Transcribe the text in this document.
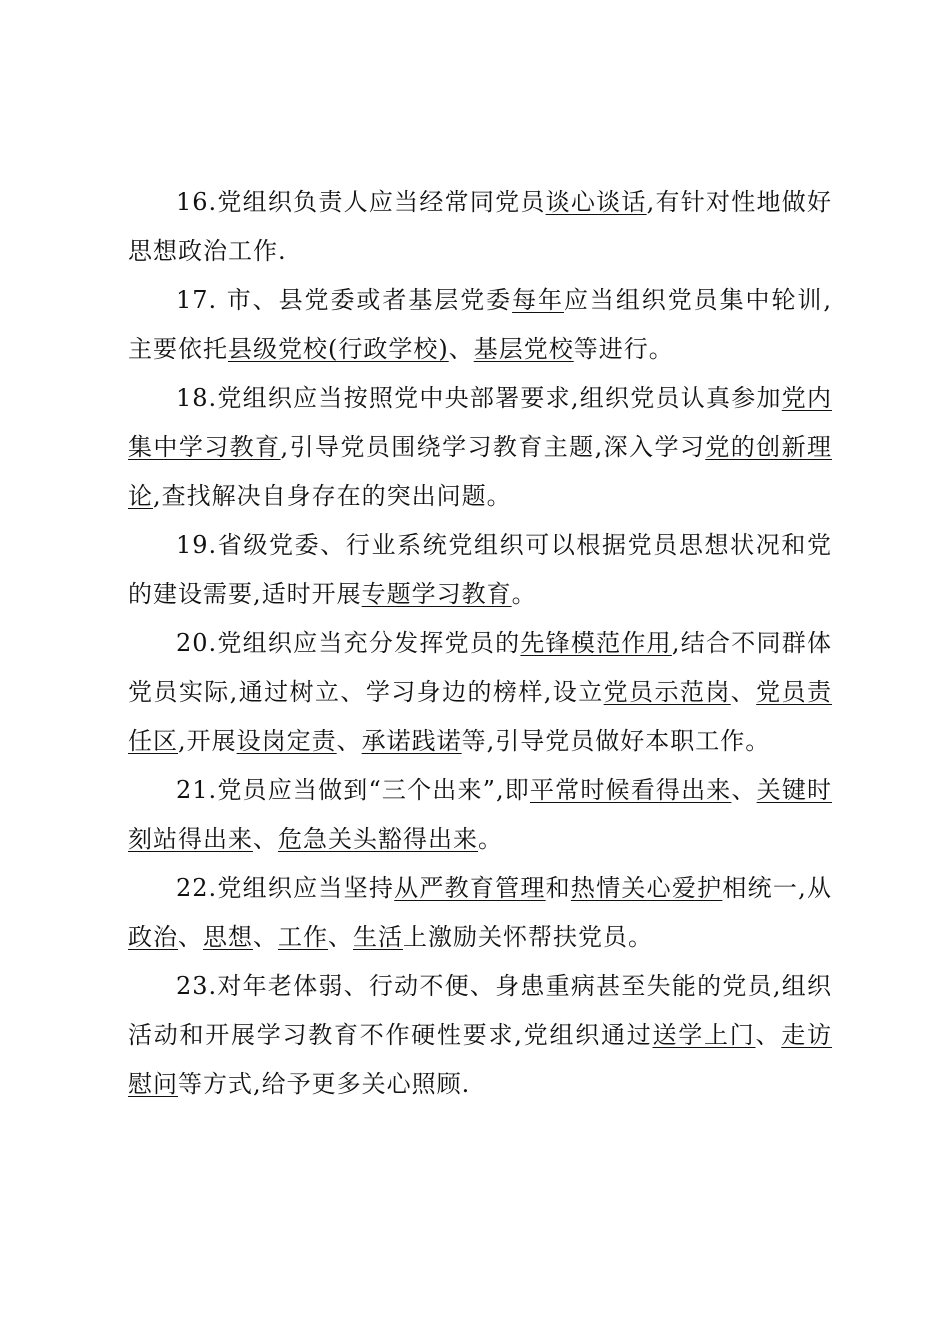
16.党组织负责人应当经常同党员谈心谈话,有针对性地做好思想政治工作.

17. 市、县党委或者基层党委每年应当组织党员集中轮训,主要依托县级党校(行政学校)、基层党校等进行。

18.党组织应当按照党中央部署要求,组织党员认真参加党内集中学习教育,引导党员围绕学习教育主题,深入学习党的创新理论,查找解决自身存在的突出问题。

19.省级党委、行业系统党组织可以根据党员思想状况和党的建设需要,适时开展专题学习教育。

20.党组织应当充分发挥党员的先锋模范作用,结合不同群体党员实际,通过树立、学习身边的榜样,设立党员示范岗、党员责任区,开展设岗定责、承诺践诺等,引导党员做好本职工作。

21.党员应当做到“三个出来”,即平常时候看得出来、关键时刻站得出来、危急关头豁得出来。

22.党组织应当坚持从严教育管理和热情关心爱护相统一,从政治、思想、工作、生活上激励关怀帮扶党员。

23.对年老体弱、行动不便、身患重病甚至失能的党员,组织活动和开展学习教育不作硬性要求,党组织通过送学上门、走访慰问等方式,给予更多关心照顾.
